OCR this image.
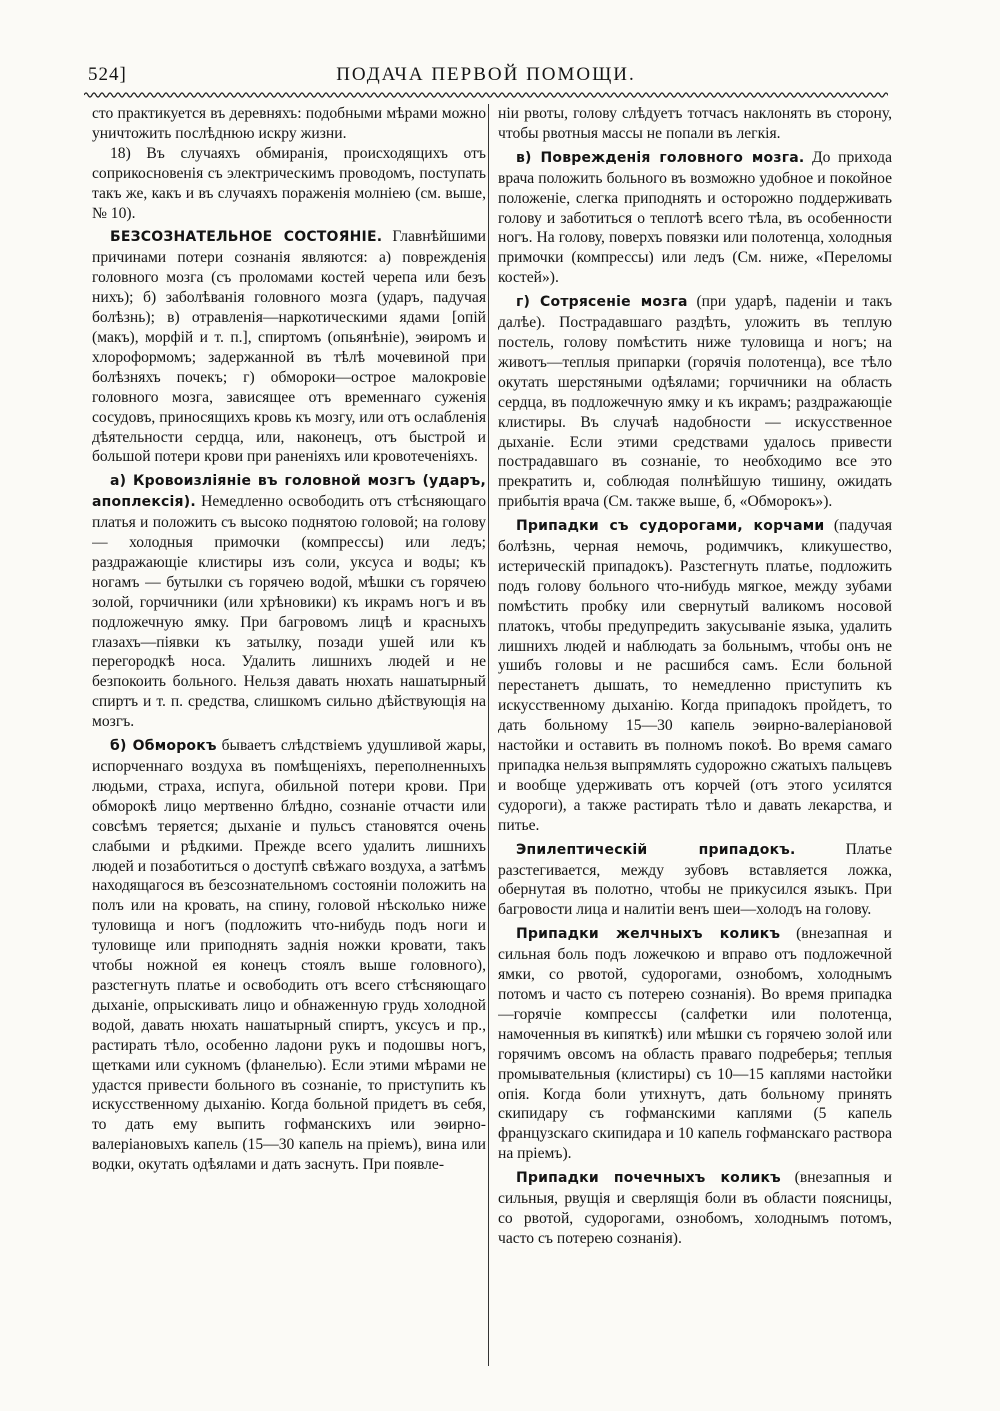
524]	ПОДАЧА ПЕРВОЙ ПОМОЩИ.

сто практикуется въ деревняхъ: подобными мѣрами можно уничтожить послѣднюю искру жизни.

18) Въ случаяхъ обмиранія, происходящихъ отъ соприкосновенія съ электрическимъ проводомъ, поступать такъ же, какъ и въ случаяхъ пораженія молніею (см. выше, № 10).

БЕЗСОЗНАТЕЛЬНОЕ СОСТОЯНІЕ. Главнѣйшими причинами потери сознанія являются: а) поврежденія головного мозга (съ проломами костей черепа или безъ нихъ); б) заболѣванія головного мозга (ударъ, падучая болѣзнь); в) отравленія—наркотическими ядами [опій (макъ), морфій и т. п.], спиртомъ (опьянѣніе), эѳиромъ и хлороформомъ; задержанной въ тѣлѣ мочевиной при болѣзняхъ почекъ; г) обмороки—острое малокровіе головного мозга, зависящее отъ временнаго суженія сосудовъ, приносящихъ кровь къ мозгу, или отъ ослабленія дѣятельности сердца, или, наконецъ, отъ быстрой и большой потери крови при раненіяхъ или кровотеченіяхъ.

а) Кровоизліяніе въ головной мозгъ (ударъ, апоплексія). Немедленно освободить отъ стѣсняющаго платья и положить съ высоко поднятою головой; на голову — холодныя примочки (компрессы) или ледъ; раздражающіе клистиры изъ соли, уксуса и воды; къ ногамъ — бутылки съ горячею водой, мѣшки съ горячею золой, горчичники (или хрѣновики) къ икрамъ ногъ и въ подложечную ямку. При багровомъ лицѣ и красныхъ глазахъ—піявки къ затылку, позади ушей или къ перегородкѣ носа. Удалить лишнихъ людей и не безпокоить больного. Нельзя давать нюхать нашатырный спиртъ и т. п. средства, слишкомъ сильно дѣйствующія на мозгъ.

б) Обморокъ бываетъ слѣдствіемъ удушливой жары, испорченнаго воздуха въ помѣщеніяхъ, переполненныхъ людьми, страха, испуга, обильной потери крови. При обморокѣ лицо мертвенно блѣдно, сознаніе отчасти или совсѣмъ теряется; дыханіе и пульсъ становятся очень слабыми и рѣдкими. Прежде всего удалить лишнихъ людей и позаботиться о доступѣ свѣжаго воздуха, а затѣмъ находящагося въ безсознательномъ состояніи положить на полъ или на кровать, на спину, головой нѣсколько ниже туловища и ногъ (подложить что-нибудь подъ ноги и туловище или приподнять заднія ножки кровати, такъ чтобы ножной ея конецъ стоялъ выше головного), разстегнуть платье и освободить отъ всего стѣсняющаго дыханіе, опрыскивать лицо и обнаженную грудь холодной водой, давать нюхать нашатырный спиртъ, уксусъ и пр., растирать тѣло, особенно ладони рукъ и подошвы ногъ, щетками или сукномъ (фланелью). Если этими мѣрами не удастся привести больного въ сознаніе, то приступить къ искусственному дыханію. Когда больной придетъ въ себя, то дать ему выпить гофманскихъ или эѳирно-валеріановыхъ капель (15—30 капель на пріемъ), вина или водки, окутать одѣялами и дать заснуть. При появле-

ніи рвоты, голову слѣдуетъ тотчасъ наклонять въ сторону, чтобы рвотныя массы не попали въ легкія.

в) Поврежденія головного мозга. До прихода врача положить больного въ возможно удобное и покойное положеніе, слегка приподнять и осторожно поддерживать голову и заботиться о теплотѣ всего тѣла, въ особенности ногъ. На голову, поверхъ повязки или полотенца, холодныя примочки (компрессы) или ледъ (См. ниже, «Переломы костей»).

г) Сотрясеніе мозга (при ударѣ, паденіи и такъ далѣе). Пострадавшаго раздѣть, уложить въ теплую постель, голову помѣстить ниже туловища и ногъ; на животъ—теплыя припарки (горячія полотенца), все тѣло окутать шерстяными одѣялами; горчичники на область сердца, въ подложечную ямку и къ икрамъ; раздражающіе клистиры. Въ случаѣ надобности — искусственное дыханіе. Если этими средствами удалось привести пострадавшаго въ сознаніе, то необходимо все это прекратить и, соблюдая полнѣйшую тишину, ожидать прибытія врача (См. также выше, б, «Обморокъ»).

Припадки съ судорогами, корчами (падучая болѣзнь, черная немочь, родимчикъ, кликушество, истерическій припадокъ). Разстегнуть платье, подложить подъ голову больного что-нибудь мягкое, между зубами помѣстить пробку или свернутый валикомъ носовой платокъ, чтобы предупредить закусываніе языка, удалить лишнихъ людей и наблюдать за больнымъ, чтобы онъ не ушибъ головы и не расшибся самъ. Если больной перестанетъ дышать, то немедленно приступить къ искусственному дыханію. Когда припадокъ пройдетъ, то дать больному 15—30 капель эѳирно-валеріановой настойки и оставить въ полномъ покоѣ. Во время самаго припадка нельзя выпрямлять судорожно сжатыхъ пальцевъ и вообще удерживать отъ корчей (отъ этого усилятся судороги), а также растирать тѣло и давать лекарства, и питье.

Эпилептическій припадокъ. Платье разстегивается, между зубовъ вставляется ложка, обернутая въ полотно, чтобы не прикусился языкъ. При багровости лица и налитіи венъ шеи—холодъ на голову.

Припадки желчныхъ коликъ (внезапная и сильная боль подъ ложечкою и вправо отъ подложечной ямки, со рвотой, судорогами, ознобомъ, холоднымъ потомъ и часто съ потерею сознанія). Во время припадка—горячіе компрессы (салфетки или полотенца, намоченныя въ кипяткѣ) или мѣшки съ горячею золой или горячимъ овсомъ на область праваго подреберья; теплыя промывательныя (клистиры) съ 10—15 каплями настойки опія. Когда боли утихнутъ, дать больному принять скипидару съ гофманскими каплями (5 капель французскаго скипидара и 10 капель гофманскаго раствора на пріемъ).

Припадки почечныхъ коликъ (внезапныя и сильныя, рвущія и сверлящія боли въ области поясницы, со рвотой, судорогами, ознобомъ, холоднымъ потомъ, часто съ потерею сознанія).
